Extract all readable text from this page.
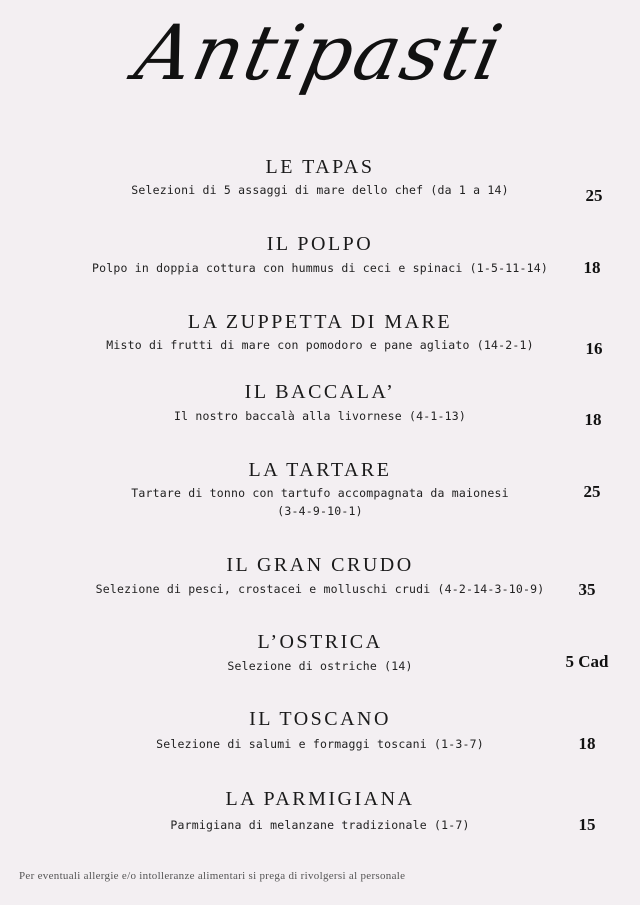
Antipasti
LE TAPAS
Selezioni di 5 assaggi di mare dello chef (da 1 a 14)	25
IL POLPO
Polpo in doppia cottura con hummus di ceci e spinaci (1-5-11-14)	18
LA ZUPPETTA DI MARE
Misto di frutti di mare con pomodoro e pane agliato (14-2-1)	16
IL BACCALA’
Il nostro baccalà alla livornese (4-1-13)	18
LA TARTARE
Tartare di tonno con tartufo accompagnata da maionesi
(3-4-9-10-1)
25
IL GRAN CRUDO
Selezione di pesci, crostacei e molluschi crudi (4-2-14-3-10-9)	35
L’OSTRICA
Selezione di ostriche (14)	5 Cad
IL TOSCANO
Selezione di salumi e formaggi toscani (1-3-7)	18
LA PARMIGIANA
Parmigiana di melanzane tradizionale (1-7)	15
Per eventuali allergie e/o intolleranze alimentari si prega di rivolgersi al personale
